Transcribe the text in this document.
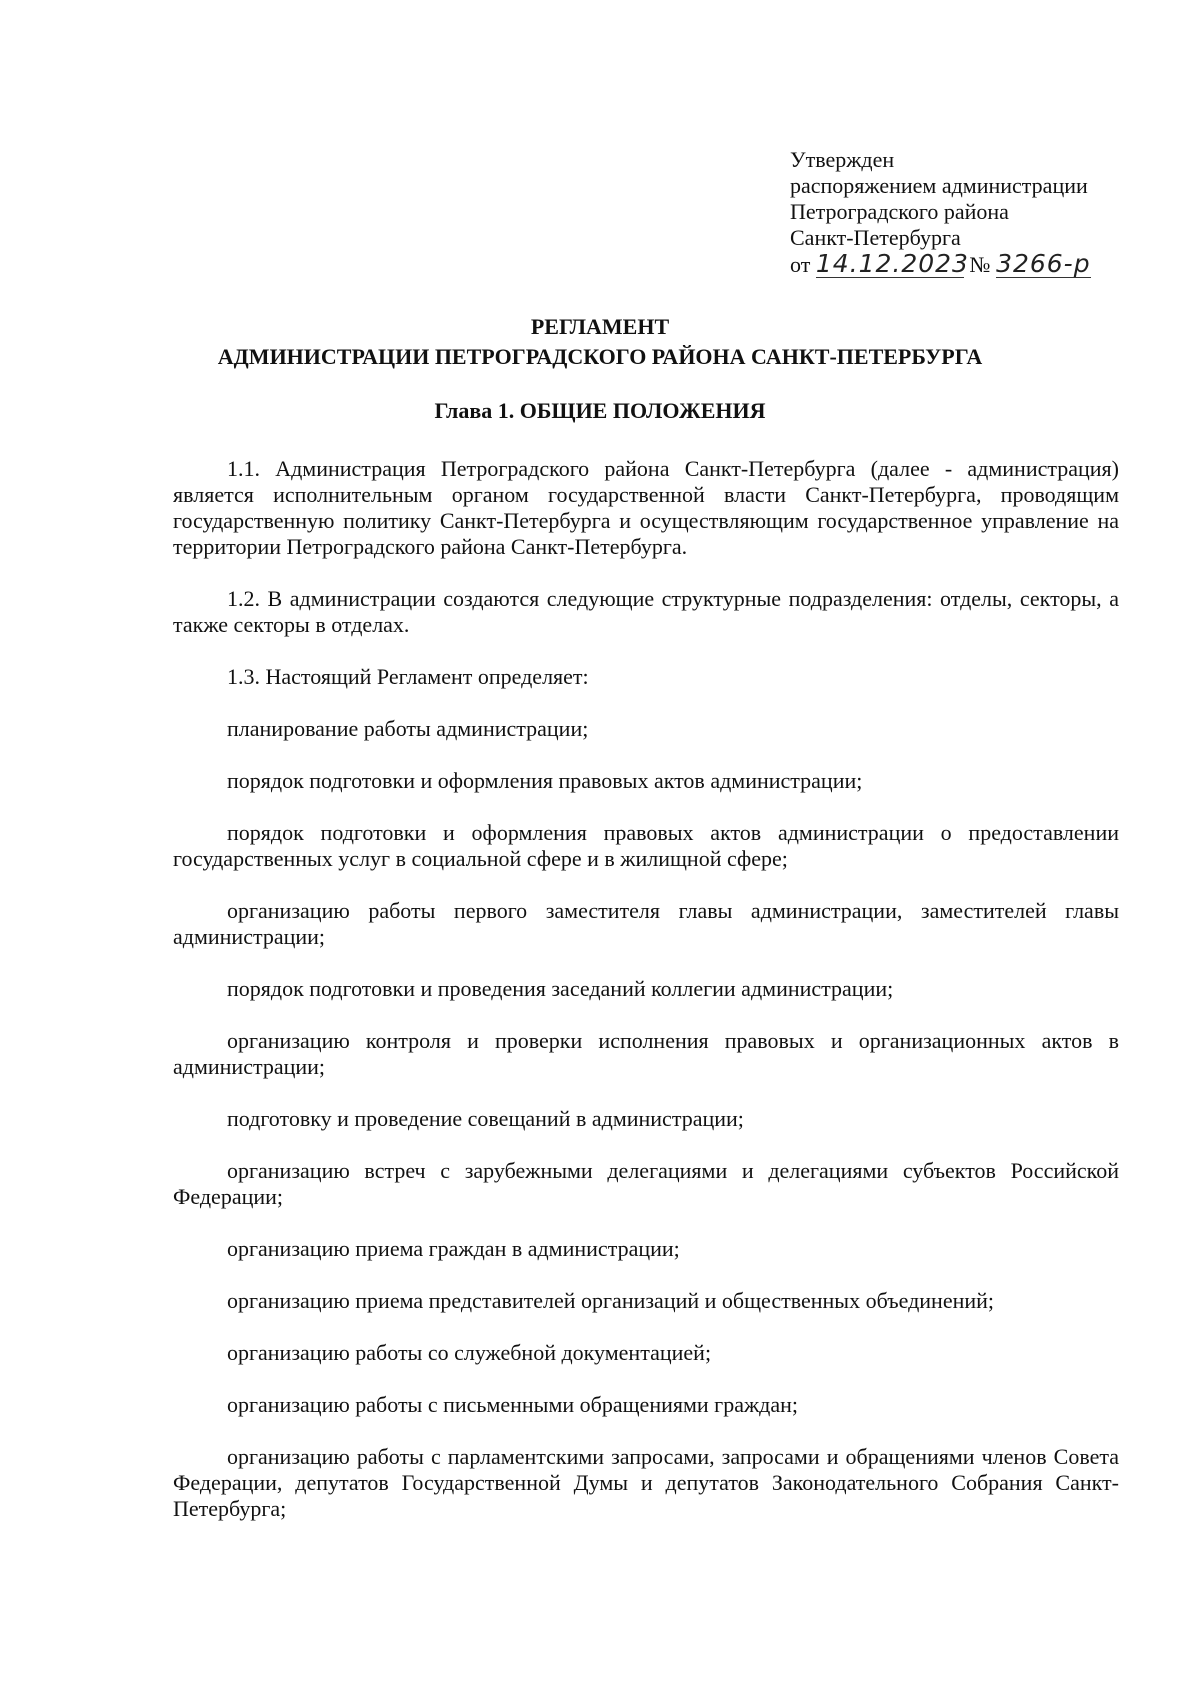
Утвержден
распоряжением администрации
Петроградского района
Санкт-Петербурга
от 14.12.2023 № 3266-р
РЕГЛАМЕНТ
АДМИНИСТРАЦИИ ПЕТРОГРАДСКОГО РАЙОНА САНКТ-ПЕТЕРБУРГА
Глава 1. ОБЩИЕ ПОЛОЖЕНИЯ

1.1. Администрация Петроградского района Санкт-Петербурга (далее - администрация) является исполнительным органом государственной власти Санкт-Петербурга, проводящим государственную политику Санкт-Петербурга и осуществляющим государственное управление на территории Петроградского района Санкт-Петербурга.

1.2. В администрации создаются следующие структурные подразделения: отделы, секторы, а также секторы в отделах.

1.3. Настоящий Регламент определяет:

планирование работы администрации;

порядок подготовки и оформления правовых актов администрации;

порядок подготовки и оформления правовых актов администрации о предоставлении государственных услуг в социальной сфере и в жилищной сфере;

организацию работы первого заместителя главы администрации, заместителей главы администрации;

порядок подготовки и проведения заседаний коллегии администрации;

организацию контроля и проверки исполнения правовых и организационных актов в администрации;

подготовку и проведение совещаний в администрации;

организацию встреч с зарубежными делегациями и делегациями субъектов Российской Федерации;

организацию приема граждан в администрации;

организацию приема представителей организаций и общественных объединений;

организацию работы со служебной документацией;

организацию работы с письменными обращениями граждан;

организацию работы с парламентскими запросами, запросами и обращениями членов Совета Федерации, депутатов Государственной Думы и депутатов Законодательного Собрания Санкт-Петербурга;
